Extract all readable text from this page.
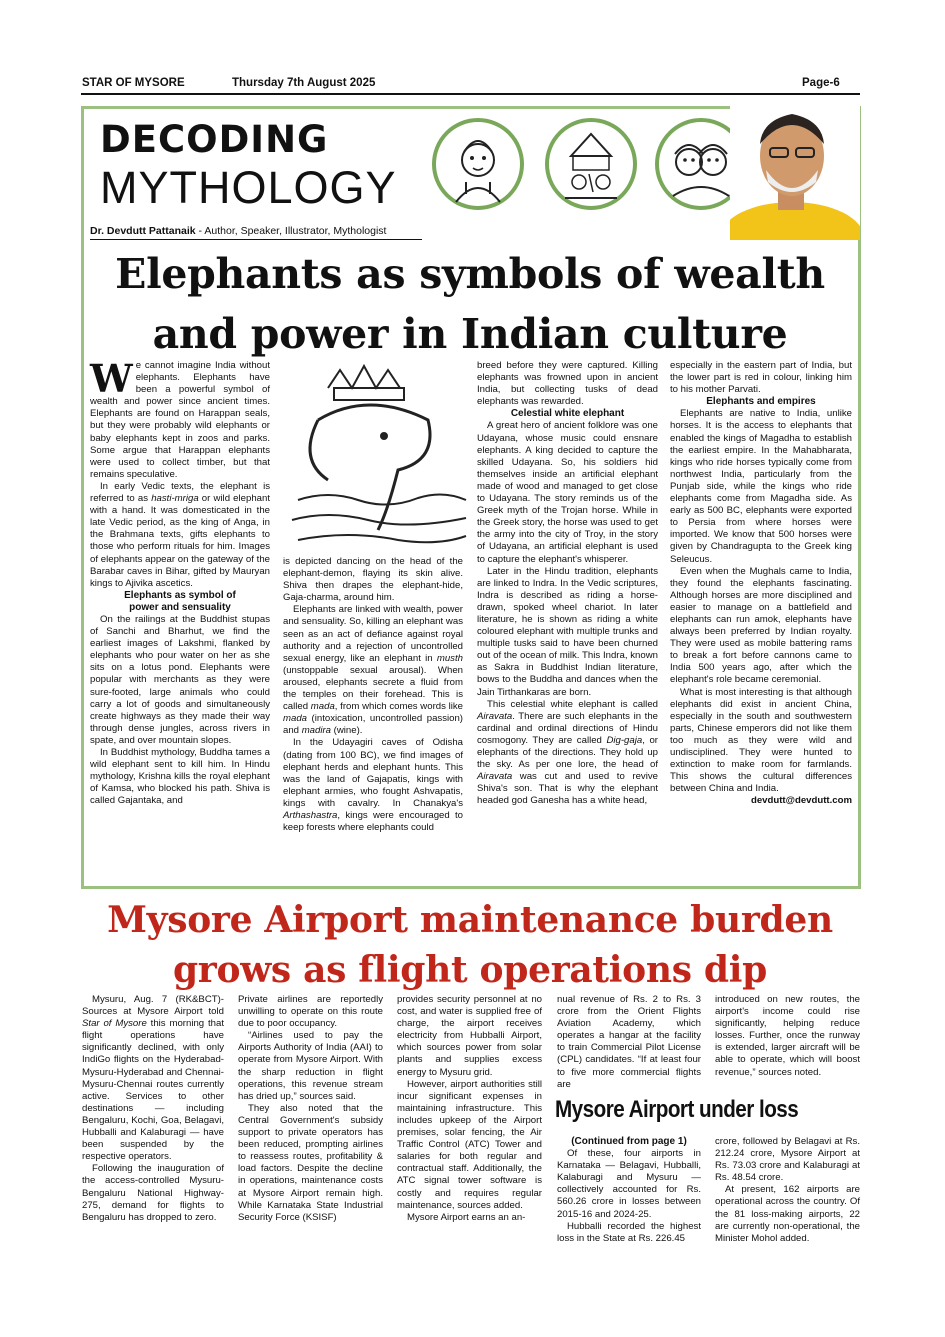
STAR OF MYSORE	Thursday 7th August 2025	Page-6
DECODING
MYTHOLOGY
Dr. Devdutt Pattanaik - Author, Speaker, Illustrator, Mythologist
Elephants as symbols of wealth
and power in Indian culture

We cannot imagine India without elephants. Elephants have been a powerful symbol of wealth and power since ancient times. Elephants are found on Harappan seals, but they were probably wild elephants or baby elephants kept in zoos and parks. Some argue that Harappan elephants were used to collect timber, but that remains speculative.

In early Vedic texts, the elephant is referred to as hasti-mriga or wild elephant with a hand. It was domesticated in the late Vedic period, as the king of Anga, in the Brahmana texts, gifts elephants to those who perform rituals for him. Images of elephants appear on the gateway of the Barabar caves in Bihar, gifted by Mauryan kings to Ajivika ascetics.

Elephants as symbol of
power and sensuality

On the railings at the Buddhist stupas of Sanchi and Bharhut, we find the earliest images of Lakshmi, flanked by elephants who pour water on her as she sits on a lotus pond. Elephants were popular with merchants as they were sure-footed, large animals who could carry a lot of goods and simultaneously create highways as they made their way through dense jungles, across rivers in spate, and over mountain slopes.

In Buddhist mythology, Buddha tames a wild elephant sent to kill him. In Hindu mythology, Krishna kills the royal elephant of Kamsa, who blocked his path. Shiva is called Gajantaka, and

is depicted dancing on the head of the elephant-demon, flaying its skin alive. Shiva then drapes the elephant-hide, Gaja-charma, around him.

Elephants are linked with wealth, power and sensuality. So, killing an elephant was seen as an act of defiance against royal authority and a rejection of uncontrolled sexual energy, like an elephant in musth (unstoppable sexual arousal). When aroused, elephants secrete a fluid from the temples on their forehead. This is called mada, from which comes words like mada (intoxication, uncontrolled passion) and madira (wine).

In the Udayagiri caves of Odisha (dating from 100 BC), we find images of elephant herds and elephant hunts. This was the land of Gajapatis, kings with elephant armies, who fought Ashvapatis, kings with cavalry. In Chanakya's Arthashastra, kings were encouraged to keep forests where elephants could

breed before they were captured. Killing elephants was frowned upon in ancient India, but collecting tusks of dead elephants was rewarded.

Celestial white elephant

A great hero of ancient folklore was one Udayana, whose music could ensnare elephants. A king decided to capture the skilled Udayana. So, his soldiers hid themselves inside an artificial elephant made of wood and managed to get close to Udayana. The story reminds us of the Greek myth of the Trojan horse. While in the Greek story, the horse was used to get the army into the city of Troy, in the story of Udayana, an artificial elephant is used to capture the elephant's whisperer.

Later in the Hindu tradition, elephants are linked to Indra. In the Vedic scriptures, Indra is described as riding a horse-drawn, spoked wheel chariot. In later literature, he is shown as riding a white coloured elephant with multiple trunks and multiple tusks said to have been churned out of the ocean of milk. This Indra, known as Sakra in Buddhist Indian literature, bows to the Buddha and dances when the Jain Tirthankaras are born.

This celestial white elephant is called Airavata. There are such elephants in the cardinal and ordinal directions of Hindu cosmogony. They are called Dig-gaja, or elephants of the directions. They hold up the sky. As per one lore, the head of Airavata was cut and used to revive Shiva's son. That is why the elephant headed god Ganesha has a white head,

especially in the eastern part of India, but the lower part is red in colour, linking him to his mother Parvati.

Elephants and empires

Elephants are native to India, unlike horses. It is the access to elephants that enabled the kings of Magadha to establish the earliest empire. In the Mahabharata, kings who ride horses typically come from northwest India, particularly from the Punjab side, while the kings who ride elephants come from Magadha side. As early as 500 BC, elephants were exported to Persia from where horses were imported. We know that 500 horses were given by Chandragupta to the Greek king Seleucus.

Even when the Mughals came to India, they found the elephants fascinating. Although horses are more disciplined and easier to manage on a battlefield and elephants can run amok, elephants have always been preferred by Indian royalty. They were used as mobile battering rams to break a fort before cannons came to India 500 years ago, after which the elephant's role became ceremonial.

What is most interesting is that although elephants did exist in ancient China, especially in the south and southwestern parts, Chinese emperors did not like them too much as they were wild and undisciplined. They were hunted to extinction to make room for farmlands. This shows the cultural differences between China and India.

devdutt@devdutt.com

Mysore Airport maintenance burden
grows as flight operations dip

Mysuru, Aug. 7 (RK&BCT)- Sources at Mysore Airport told Star of Mysore this morning that flight operations have significantly declined, with only IndiGo flights on the Hyderabad-Mysuru-Hyderabad and Chennai-Mysuru-Chennai routes currently active. Services to other destinations — including Bengaluru, Kochi, Goa, Belagavi, Hubballi and Kalaburagi — have been suspended by the respective operators.

Following the inauguration of the access-controlled Mysuru-Bengaluru National Highway-275, demand for flights to Bengaluru has dropped to zero.

Private airlines are reportedly unwilling to operate on this route due to poor occupancy.

“Airlines used to pay the Airports Authority of India (AAI) to operate from Mysore Airport. With the sharp reduction in flight operations, this revenue stream has dried up,” sources said.

They also noted that the Central Government's subsidy support to private operators has been reduced, prompting airlines to reassess routes, profitability & load factors. Despite the decline in operations, maintenance costs at Mysore Airport remain high. While Karnataka State Industrial Security Force (KSISF)

provides security personnel at no cost, and water is supplied free of charge, the airport receives electricity from Hubballi Airport, which sources power from solar plants and supplies excess energy to Mysuru grid.

However, airport authorities still incur significant expenses in maintaining infrastructure. This includes upkeep of the Airport premises, solar fencing, the Air Traffic Control (ATC) Tower and salaries for both regular and contractual staff. Additionally, the ATC signal tower software is costly and requires regular maintenance, sources added.

Mysore Airport earns an an-

nual revenue of Rs. 2 to Rs. 3 crore from the Orient Flights Aviation Academy, which operates a hangar at the facility to train Commercial Pilot License (CPL) candidates. “If at least four to five more commercial flights are

introduced on new routes, the airport's income could rise significantly, helping reduce losses. Further, once the runway is extended, larger aircraft will be able to operate, which will boost revenue,” sources noted.

Mysore Airport under loss

(Continued from page 1)

Of these, four airports in Karnataka — Belagavi, Hubballi, Kalaburagi and Mysuru — collectively accounted for Rs. 560.26 crore in losses between 2015-16 and 2024-25.

Hubballi recorded the highest loss in the State at Rs. 226.45

crore, followed by Belagavi at Rs. 212.24 crore, Mysore Airport at Rs. 73.03 crore and Kalaburagi at Rs. 48.54 crore.

At present, 162 airports are operational across the country. Of the 81 loss-making airports, 22 are currently non-operational, the Minister Mohol added.
